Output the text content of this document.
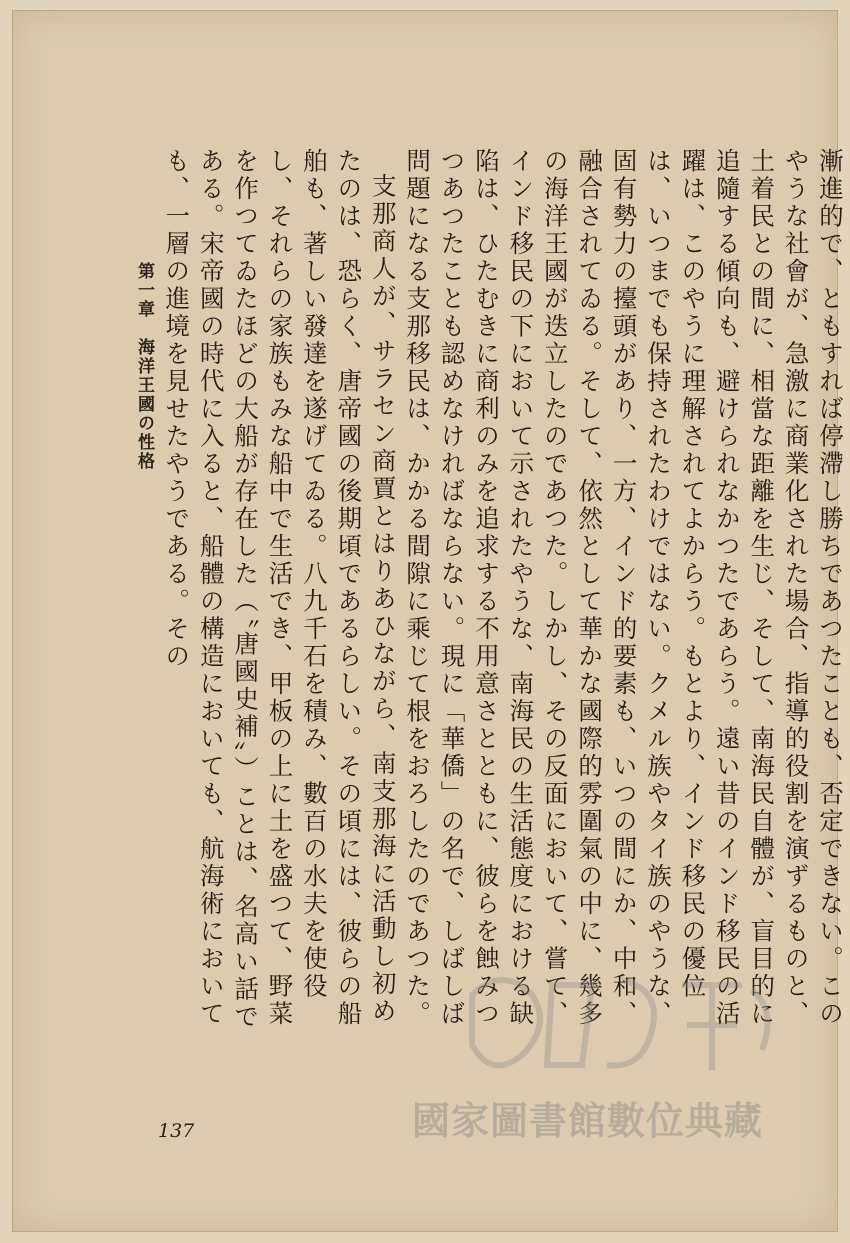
漸進的で、ともすれば停滯し勝ちであつたことも、否定できない。このやうな社會が、急激に商業化された場合、指導的役割を演ずるものと、土着民との間に、相當な距離を生じ、そして、南海民自體が、盲目的に追隨する傾向も、避けられなかつたであらう。遠い昔のインド移民の活躍は、このやうに理解されてよからう。もとより、インド移民の優位は、いつまでも保持されたわけではない。クメル族やタイ族のやうな、固有勢力の擡頭があり、一方、インド的要素も、いつの間にか、中和、融合されてゐる。そして、依然として華かな國際的雰圍氣の中に、幾多の海洋王國が迭立したのであつた。しかし、その反面において、嘗て、インド移民の下において示されたやうな、南海民の生活態度における缺陷は、ひたむきに商利のみを追求する不用意さとともに、彼らを蝕みつつあつたことも認めなければならない。現に「華僑」の名で、しばしば問題になる支那移民は、かかる間隙に乘じて根をおろしたのであつた。

支那商人が、サラセン商賈とはりあひながら、南支那海に活動し初めたのは、恐らく、唐帝國の後期頃であるらしい。その頃には、彼らの船舶も、著しい發達を遂げてゐる。八九千石を積み、數百の水夫を使役し、それらの家族もみな船中で生活でき、甲板の上に土を盛つて、野菜を作つてゐたほどの大船が存在した（〝唐國史補〟）ことは、名高い話である。宋帝國の時代に入ると、船體の構造においても、航海術においても、一層の進境を見せたやうである。その

第一章　海洋王國の性格
137	國家圖書館數位典藏
